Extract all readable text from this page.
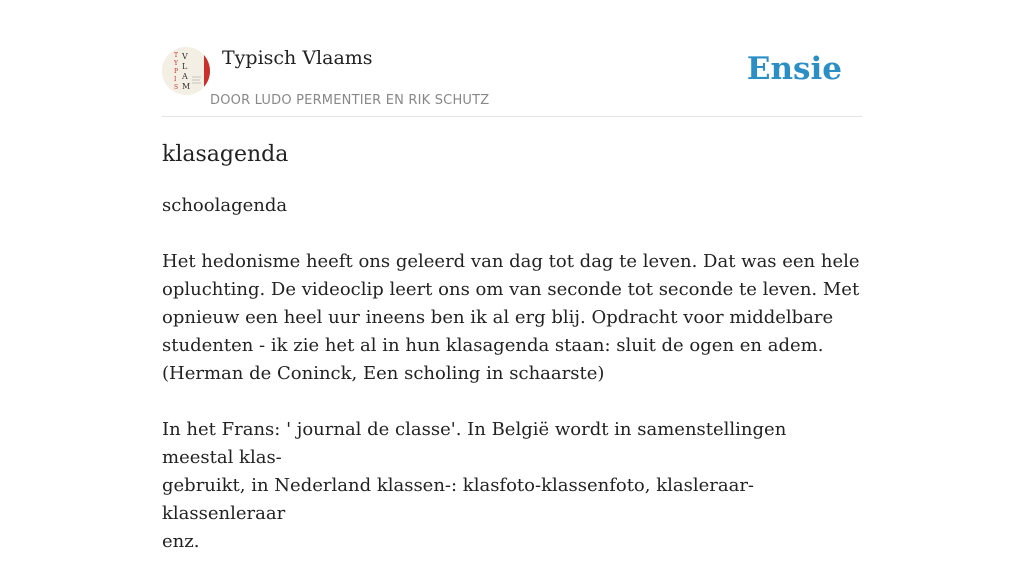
T
Y
P
I
S
V
L
A
M
Typisch Vlaams
DOOR LUDO PERMENTIER EN RIK SCHUTZ
Ensie
klasagenda

schoolagenda

Het hedonisme heeft ons geleerd van dag tot dag te leven. Dat was een hele
opluchting. De videoclip leert ons om van seconde tot seconde te leven. Met
opnieuw een heel uur ineens ben ik al erg blij. Opdracht voor middelbare
studenten - ik zie het al in hun klasagenda staan: sluit de ogen en adem.
(Herman de Coninck, Een scholing in schaarste)

In het Frans: ' journal de classe'. In België wordt in samenstellingen meestal klas-
gebruikt, in Nederland klassen-: klasfoto-klassenfoto, klasleraar-klassenleraar
enz.
